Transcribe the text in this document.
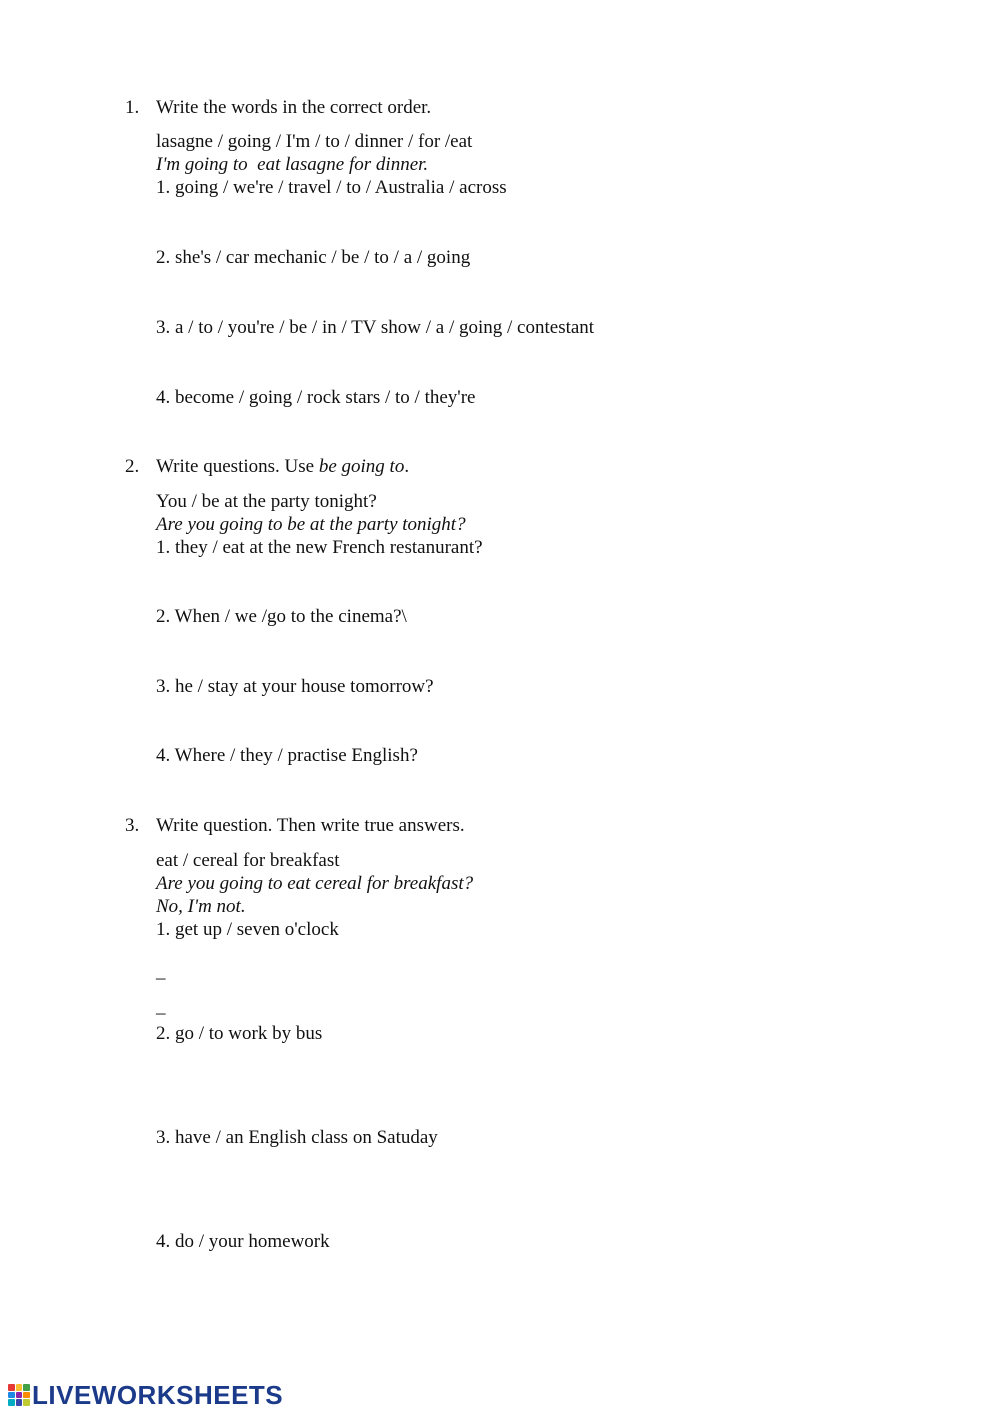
1. Write the words in the correct order.
lasagne / going / I'm / to / dinner / for /eat
I'm going to  eat lasagne for dinner.
1. going / we're / travel / to / Australia / across
2. she's / car mechanic / be / to / a / going
3. a / to / you're / be / in / TV show / a / going / contestant
4. become / going / rock stars / to / they're
2. Write questions. Use be going to.
You / be at the party tonight?
Are you going to be at the party tonight?
1. they / eat at the new French restanurant?
2. When / we /go to the cinema?\
3. he / stay at your house tomorrow?
4. Where / they / practise English?
3. Write question. Then write true answers.
eat / cereal for breakfast
Are you going to eat cereal for breakfast?
No, I'm not.
1. get up / seven o'clock
_
_
2. go / to work by bus
3. have / an English class on Satuday
4. do / your homework
LIVEWORKSHEETS
